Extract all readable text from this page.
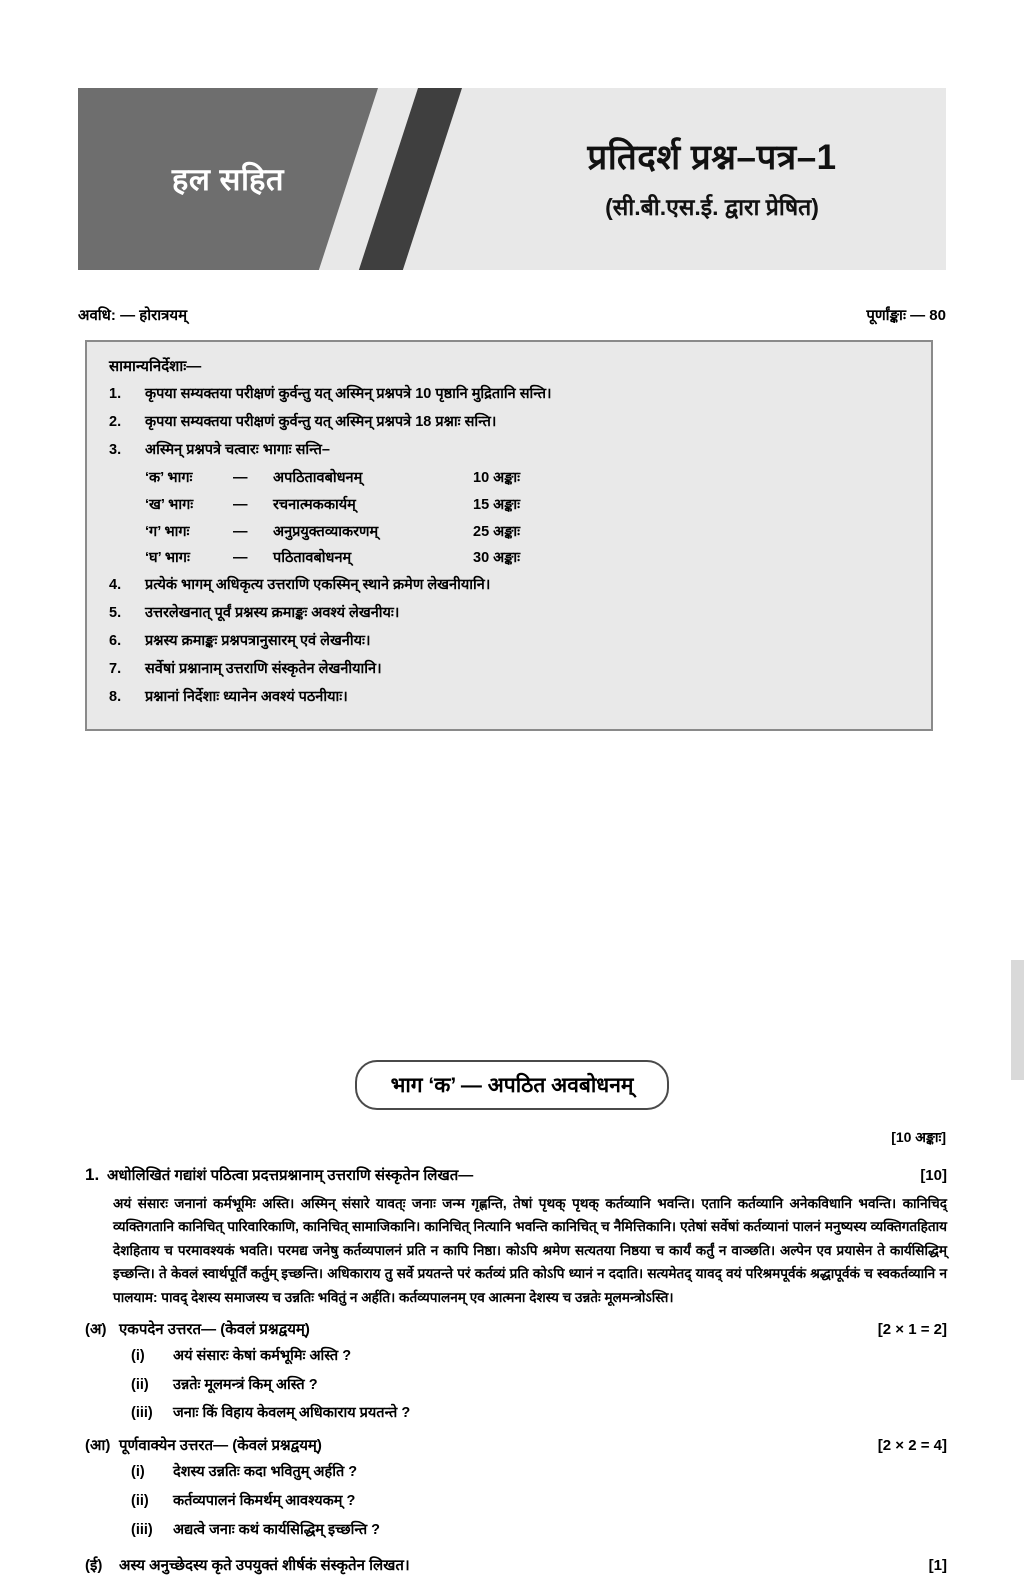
हल सहित
प्रतिदर्श प्रश्न–पत्र–1
(सी.बी.एस.ई. द्वारा प्रेषित)
अवधि: — होरात्रयम्	पूर्णांङ्काः — 80
सामान्यनिर्देशाः—
1.	कृपया सम्यक्तया परीक्षणं कुर्वन्तु यत् अस्मिन् प्रश्नपत्रे 10 पृष्ठानि मुद्रितानि सन्ति।
2.	कृपया सम्यक्तया परीक्षणं कुर्वन्तु यत् अस्मिन् प्रश्नपत्रे 18 प्रश्नाः सन्ति।
3.	अस्मिन् प्रश्नपत्रे चत्वारः भागाः सन्ति–
‘क’ भागः	—	अपठितावबोधनम्	10 अङ्काः
‘ख’ भागः	—	रचनात्मककार्यम्	15 अङ्काः
‘ग’ भागः	—	अनुप्रयुक्तव्याकरणम्	25 अङ्काः
‘घ’ भागः	—	पठितावबोधनम्	30 अङ्काः
4.	प्रत्येकं भागम् अधिकृत्य उत्तराणि एकस्मिन् स्थाने क्रमेण लेखनीयानि।
5.	उत्तरलेखनात् पूर्वं प्रश्नस्य क्रमाङ्कः अवश्यं लेखनीयः।
6.	प्रश्नस्य क्रमाङ्कः प्रश्नपत्रानुसारम् एवं लेखनीयः।
7.	सर्वेषां प्रश्नानाम् उत्तराणि संस्कृतेन लेखनीयानि।
8.	प्रश्नानां निर्देशाः ध्यानेन अवश्यं पठनीयाः।
भाग ‘क’ — अपठित अवबोधनम्
[10 अङ्काः]
1. अधोलिखितं गद्यांशं पठित्वा प्रदत्तप्रश्नानाम् उत्तराणि संस्कृतेन लिखत—	[10]
अयं संसारः जनानां कर्मभूमिः अस्ति। अस्मिन् संसारे यावत्ः जनाः जन्म गृह्णन्ति, तेषां पृथक् पृथक् कर्तव्यानि भवन्ति। एतानि कर्तव्यानि अनेकविधानि भवन्ति। कानिचिद् व्यक्तिगतानि कानिचित् पारिवारिकाणि, कानिचित् सामाजिकानि। कानिचित् नित्यानि भवन्ति कानिचित् च नैमित्तिकानि। एतेषां सर्वेषां कर्तव्यानां पालनं मनुष्यस्य व्यक्तिगतहिताय देशहिताय च परमावश्यकं भवति। परमद्य जनेषु कर्तव्यपालनं प्रति न कापि निष्ठा। कोऽपि श्रमेण सत्यतया निष्ठया च कार्यं कर्तुं न वाञ्छति। अल्पेन एव प्रयासेन ते कार्यसिद्धिम् इच्छन्ति। ते केवलं स्वार्थपूर्तिं कर्तुम् इच्छन्ति। अधिकाराय तु सर्वे प्रयतन्ते परं कर्तव्यं प्रति कोऽपि ध्यानं न ददाति। सत्यमेतद् यावद् वयं परिश्रमपूर्वकं श्रद्धापूर्वकं च स्वकर्तव्यानि न पालयाम: पावद् देशस्य समाजस्य च उन्नतिः भवितुं न अर्हति। कर्तव्यपालनम् एव आत्मना देशस्य च उन्नतेः मूलमन्त्रोऽस्ति।
(अ) एकपदेन उत्तरत— (केवलं प्रश्नद्वयम्)	[2 × 1 = 2]
(i)	अयं संसारः केषां कर्मभूमिः अस्ति ?
(ii)	उन्नतेः मूलमन्त्रं किम् अस्ति ?
(iii)	जनाः किं विहाय केवलम् अधिकाराय प्रयतन्ते ?
(आ) पूर्णवाक्येन उत्तरत— (केवलं प्रश्नद्वयम्)	[2 × 2 = 4]
(i)	देशस्य उन्नतिः कदा भवितुम् अर्हति ?
(ii)	कर्तव्यपालनं किमर्थम् आवश्यकम् ?
(iii)	अद्यत्वे जनाः कथं कार्यसिद्धिम् इच्छन्ति ?
(ई)	अस्य अनुच्छेदस्य कृते उपयुक्तं शीर्षकं संस्कृतेन लिखत।	[1]
